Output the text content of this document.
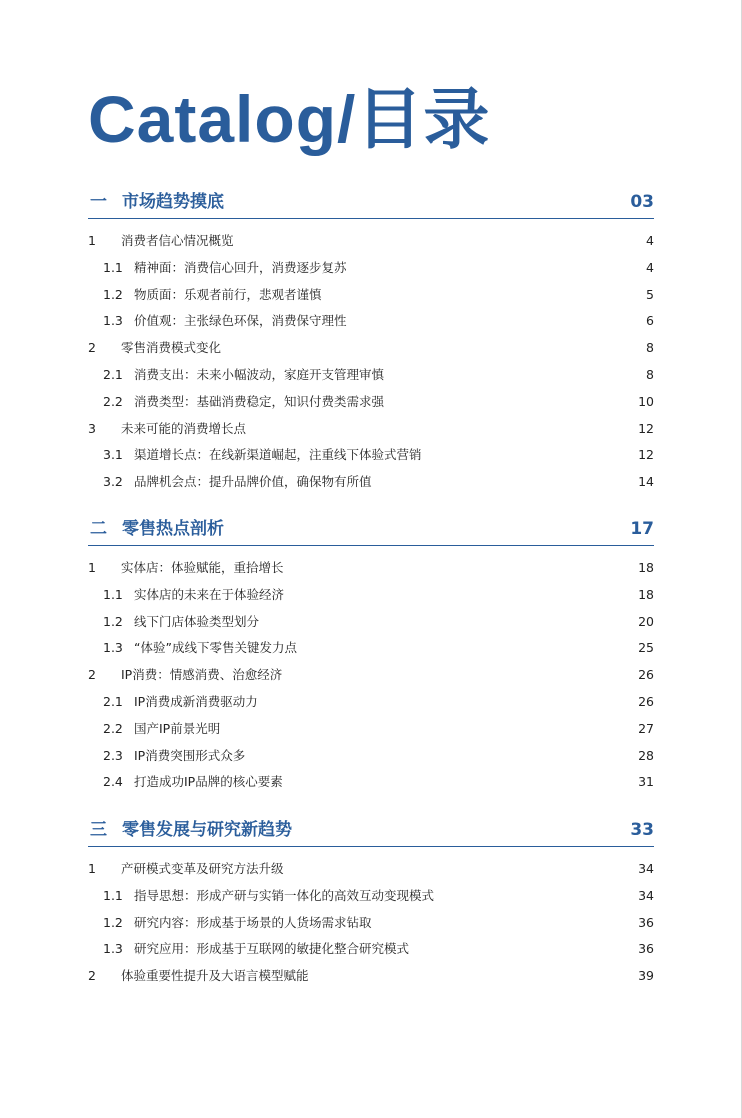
Catalog/目录
一 市场趋势摸底	03
1 消费者信心情况概览	4
1.1 精神面：消费信心回升，消费逐步复苏	4
1.2 物质面：乐观者前行，悲观者谨慎	5
1.3 价值观：主张绿色环保，消费保守理性	6
2 零售消费模式变化	8
2.1 消费支出：未来小幅波动，家庭开支管理审慎	8
2.2 消费类型：基础消费稳定，知识付费类需求强	10
3 未来可能的消费增长点	12
3.1 渠道增长点：在线新渠道崛起，注重线下体验式营销	12
3.2 品牌机会点：提升品牌价值，确保物有所值	14
二 零售热点剖析	17
1 实体店：体验赋能，重拾增长	18
1.1 实体店的未来在于体验经济	18
1.2 线下门店体验类型划分	20
1.3 “体验”成线下零售关键发力点	25
2 IP消费：情感消费、治愈经济	26
2.1 IP消费成新消费驱动力	26
2.2 国产IP前景光明	27
2.3 IP消费突围形式众多	28
2.4 打造成功IP品牌的核心要素	31
三 零售发展与研究新趋势	33
1 产研模式变革及研究方法升级	34
1.1 指导思想：形成产研与实销一体化的高效互动变现模式	34
1.2 研究内容：形成基于场景的人货场需求钻取	36
1.3 研究应用：形成基于互联网的敏捷化整合研究模式	36
2 体验重要性提升及大语言模型赋能	39
